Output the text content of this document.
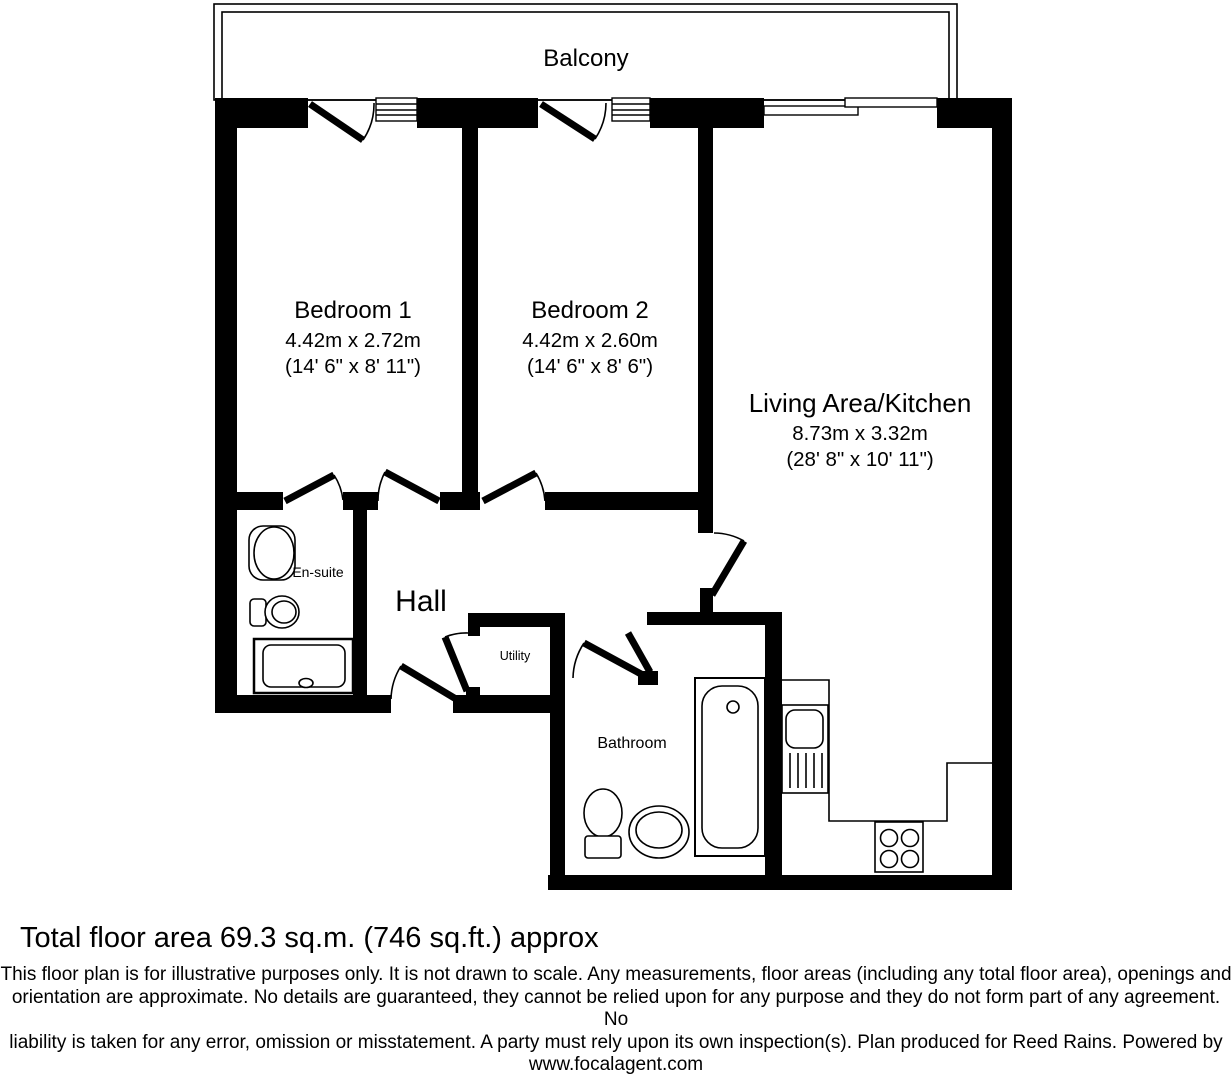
Balcony
Bedroom 1
4.42m x 2.72m
(14' 6" x 8' 11")
Bedroom 2
4.42m x 2.60m
(14' 6" x 8' 6")
Living Area/Kitchen
8.73m x 3.32m
(28' 8" x 10' 11")
En-suite
Hall
Utility
Bathroom
Total floor area 69.3 sq.m. (746 sq.ft.) approx
This floor plan is for illustrative purposes only. It is not drawn to scale. Any measurements, floor areas (including any total floor area), openings and
orientation are approximate. No details are guaranteed, they cannot be relied upon for any purpose and they do not form part of any agreement. No
liability is taken for any error, omission or misstatement. A party must rely upon its own inspection(s). Plan produced for Reed Rains. Powered by
www.focalagent.com
